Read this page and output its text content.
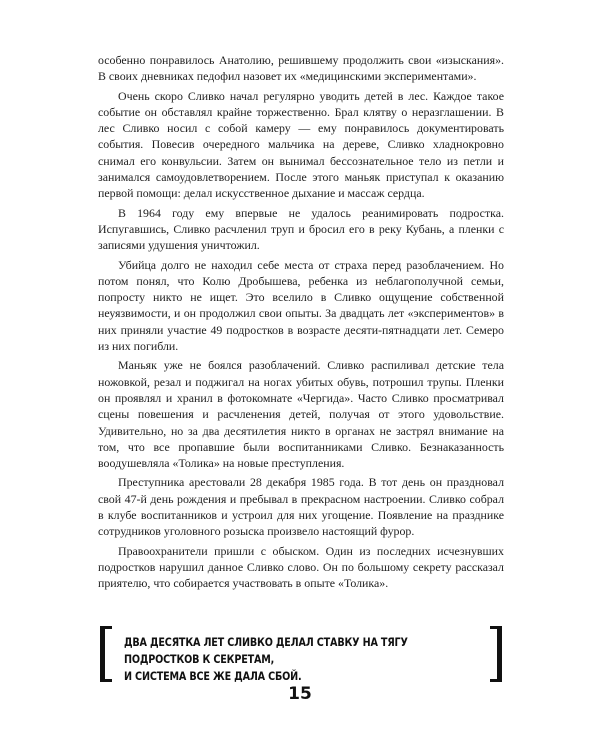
особенно понравилось Анатолию, решившему продолжить свои «изыскания». В своих дневниках педофил назовет их «медицинскими экспериментами».

Очень скоро Сливко начал регулярно уводить детей в лес. Каждое такое событие он обставлял крайне торжественно. Брал клятву о неразглашении. В лес Сливко носил с собой камеру — ему понравилось документировать события. Повесив очередного мальчика на дереве, Сливко хладнокровно снимал его конвульсии. Затем он вынимал бессознательное тело из петли и занимался самоудовлетворением. После этого маньяк приступал к оказанию первой помощи: делал искусственное дыхание и массаж сердца.

В 1964 году ему впервые не удалось реанимировать подростка. Испугавшись, Сливко расчленил труп и бросил его в реку Кубань, а пленки с записями удушения уничтожил.

Убийца долго не находил себе места от страха перед разоблачением. Но потом понял, что Колю Дробышева, ребенка из неблагополучной семьи, попросту никто не ищет. Это вселило в Сливко ощущение собственной неуязвимости, и он продолжил свои опыты. За двадцать лет «экспериментов» в них приняли участие 49 подростков в возрасте десяти-пятнадцати лет. Семеро из них погибли.

Маньяк уже не боялся разоблачений. Сливко распиливал детские тела ножовкой, резал и поджигал на ногах убитых обувь, потрошил трупы. Пленки он проявлял и хранил в фотокомнате «Чергида». Часто Сливко просматривал сцены повешения и расчленения детей, получая от этого удовольствие. Удивительно, но за два десятилетия никто в органах не застрял внимание на том, что все пропавшие были воспитанниками Сливко. Безнаказанность воодушевляла «Толика» на новые преступления.

Преступника арестовали 28 декабря 1985 года. В тот день он праздновал свой 47-й день рождения и пребывал в прекрасном настроении. Сливко собрал в клубе воспитанников и устроил для них угощение. Появление на празднике сотрудников уголовного розыска произвело настоящий фурор.

Правоохранители пришли с обыском. Один из последних исчезнувших подростков нарушил данное Сливко слово. Он по большому секрету рассказал приятелю, что собирается участвовать в опыте «Толика».

ДВА ДЕСЯТКА ЛЕТ СЛИВКО ДЕЛАЛ СТАВКУ НА ТЯГУ ПОДРОСТКОВ К СЕКРЕТАМ,
И СИСТЕМА ВСЕ ЖЕ ДАЛА СБОЙ.
15
